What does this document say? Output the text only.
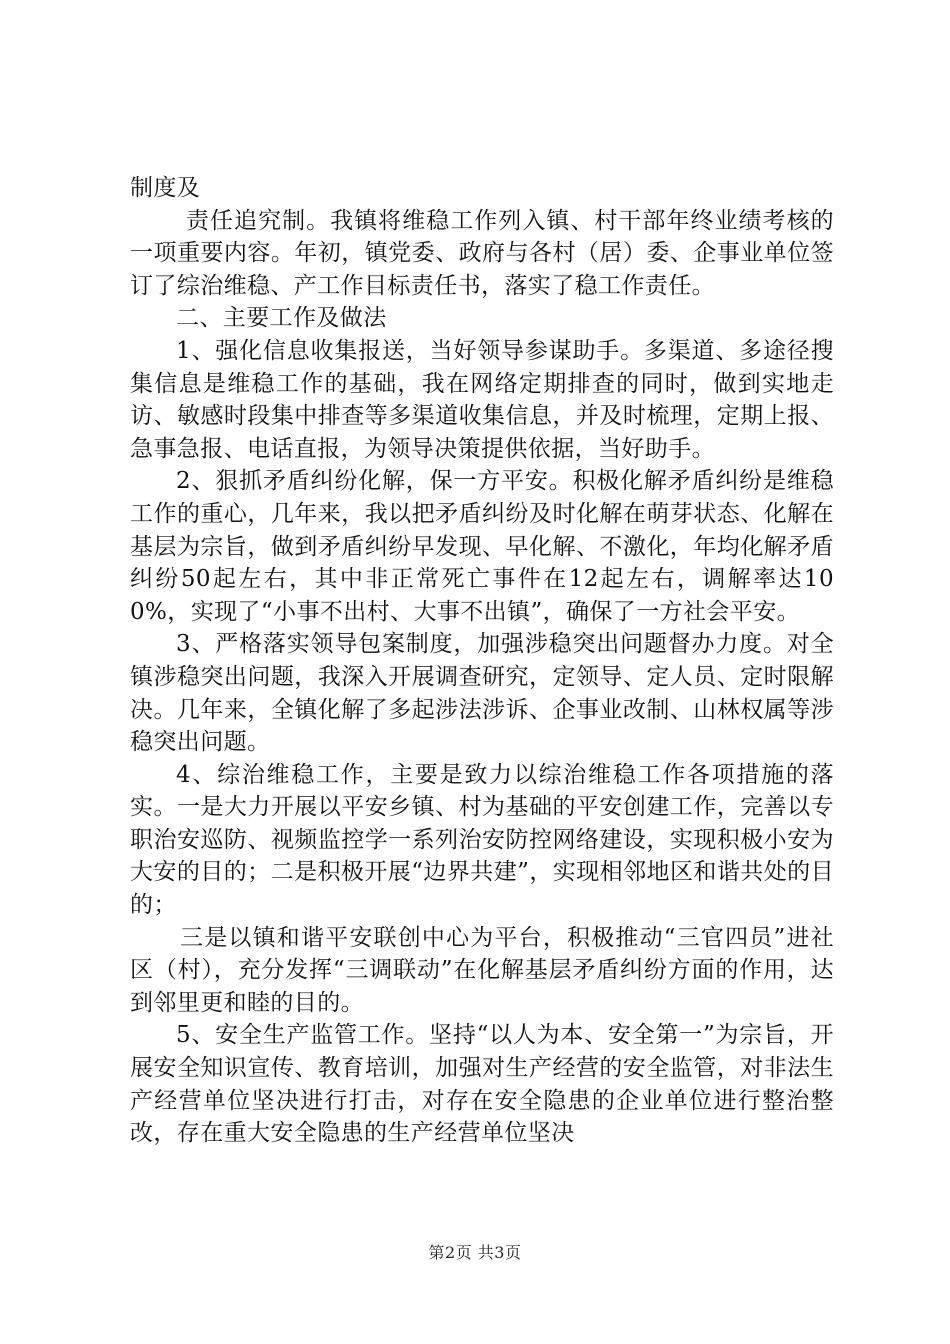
制度及

责任追究制。我镇将维稳工作列入镇、村干部年终业绩考核的一项重要内容。年初，镇党委、政府与各村（居）委、企事业单位签订了综治维稳、产工作目标责任书，落实了稳工作责任。

二、主要工作及做法

1、强化信息收集报送，当好领导参谋助手。多渠道、多途径搜集信息是维稳工作的基础，我在网络定期排查的同时，做到实地走访、敏感时段集中排查等多渠道收集信息，并及时梳理，定期上报、急事急报、电话直报，为领导决策提供依据，当好助手。

2、狠抓矛盾纠纷化解，保一方平安。积极化解矛盾纠纷是维稳工作的重心，几年来，我以把矛盾纠纷及时化解在萌芽状态、化解在基层为宗旨，做到矛盾纠纷早发现、早化解、不激化，年均化解矛盾纠纷50起左右，其中非正常死亡事件在12起左右，调解率达100%，实现了“小事不出村、大事不出镇”，确保了一方社会平安。

3、严格落实领导包案制度，加强涉稳突出问题督办力度。对全镇涉稳突出问题，我深入开展调查研究，定领导、定人员、定时限解决。几年来，全镇化解了多起涉法涉诉、企事业改制、山林权属等涉稳突出问题。

4、综治维稳工作，主要是致力以综治维稳工作各项措施的落实。一是大力开展以平安乡镇、村为基础的平安创建工作，完善以专职治安巡防、视频监控学一系列治安防控网络建设，实现积极小安为大安的目的；二是积极开展“边界共建”，实现相邻地区和谐共处的目的；

三是以镇和谐平安联创中心为平台，积极推动“三官四员”进社区（村），充分发挥“三调联动”在化解基层矛盾纠纷方面的作用，达到邻里更和睦的目的。

5、安全生产监管工作。坚持“以人为本、安全第一”为宗旨，开展安全知识宣传、教育培训，加强对生产经营的安全监管，对非法生产经营单位坚决进行打击，对存在安全隐患的企业单位进行整治整改，存在重大安全隐患的生产经营单位坚决

第2页 共3页
